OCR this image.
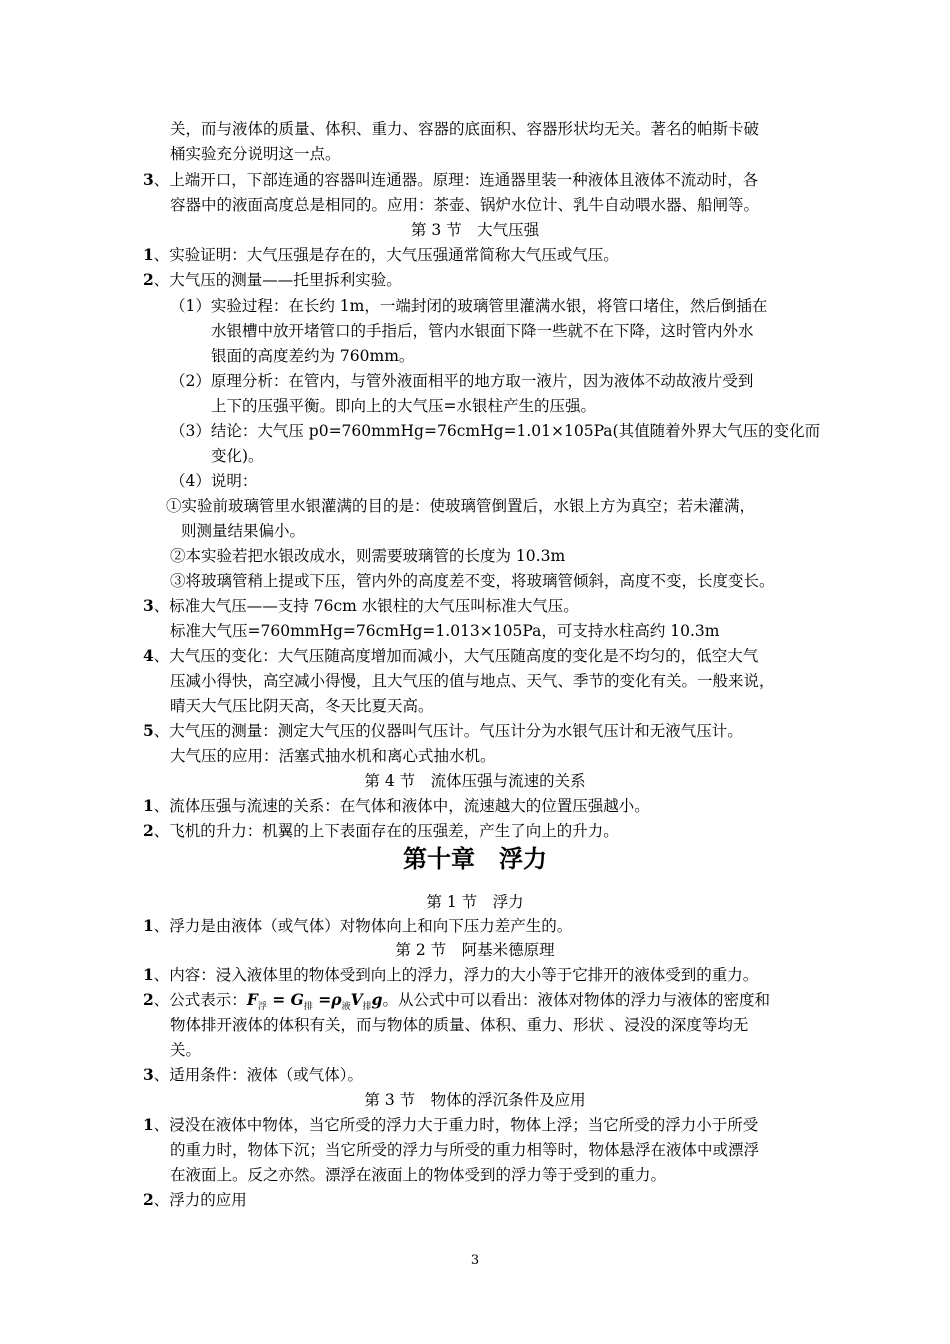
关，而与液体的质量、体积、重力、容器的底面积、容器形状均无关。著名的帕斯卡破
桶实验充分说明这一点。
3、上端开口，下部连通的容器叫连通器。原理：连通器里装一种液体且液体不流动时，各
容器中的液面高度总是相同的。应用：茶壶、锅炉水位计、乳牛自动喂水器、船闸等。
第 3 节　大气压强
1、实验证明：大气压强是存在的，大气压强通常简称大气压或气压。
2、大气压的测量——托里拆利实验。
（1）实验过程：在长约 1m，一端封闭的玻璃管里灌满水银，将管口堵住，然后倒插在
水银槽中放开堵管口的手指后，管内水银面下降一些就不在下降，这时管内外水
银面的高度差约为 760mm。
（2）原理分析：在管内，与管外液面相平的地方取一液片，因为液体不动故液片受到
上下的压强平衡。即向上的大气压=水银柱产生的压强。
（3）结论：大气压 p0=760mmHg=76cmHg=1.01×105Pa(其值随着外界大气压的变化而
变化)。
（4）说明：
①实验前玻璃管里水银灌满的目的是：使玻璃管倒置后，水银上方为真空；若未灌满，
则测量结果偏小。
②本实验若把水银改成水，则需要玻璃管的长度为 10.3m
③将玻璃管稍上提或下压，管内外的高度差不变，将玻璃管倾斜，高度不变，长度变长。
3、标准大气压——支持 76cm 水银柱的大气压叫标准大气压。
标准大气压=760mmHg=76cmHg=1.013×105Pa，可支持水柱高约 10.3m
4、大气压的变化：大气压随高度增加而减小，大气压随高度的变化是不均匀的，低空大气
压减小得快，高空减小得慢，且大气压的值与地点、天气、季节的变化有关。一般来说，
晴天大气压比阴天高，冬天比夏天高。
5、大气压的测量：测定大气压的仪器叫气压计。气压计分为水银气压计和无液气压计。
大气压的应用：活塞式抽水机和离心式抽水机。
第 4 节　流体压强与流速的关系
1、流体压强与流速的关系：在气体和液体中，流速越大的位置压强越小。
2、飞机的升力：机翼的上下表面存在的压强差，产生了向上的升力。
第十章　浮力
第 1 节　浮力
1、浮力是由液体（或气体）对物体向上和向下压力差产生的。
第 2 节　阿基米德原理
1、内容：浸入液体里的物体受到向上的浮力，浮力的大小等于它排开的液体受到的重力。
2、公式表示：$F_浮 = G_排 =\rho_液V_排g$。从公式中可以看出：液体对物体的浮力与液体的密度和
物体排开液体的体积有关，而与物体的质量、体积、重力、形状 、浸没的深度等均无
关。
3、适用条件：液体（或气体）。
第 3 节　物体的浮沉条件及应用
1、浸没在液体中物体，当它所受的浮力大于重力时，物体上浮；当它所受的浮力小于所受
的重力时，物体下沉；当它所受的浮力与所受的重力相等时，物体悬浮在液体中或漂浮
在液面上。反之亦然。漂浮在液面上的物体受到的浮力等于受到的重力。
2、浮力的应用
3
